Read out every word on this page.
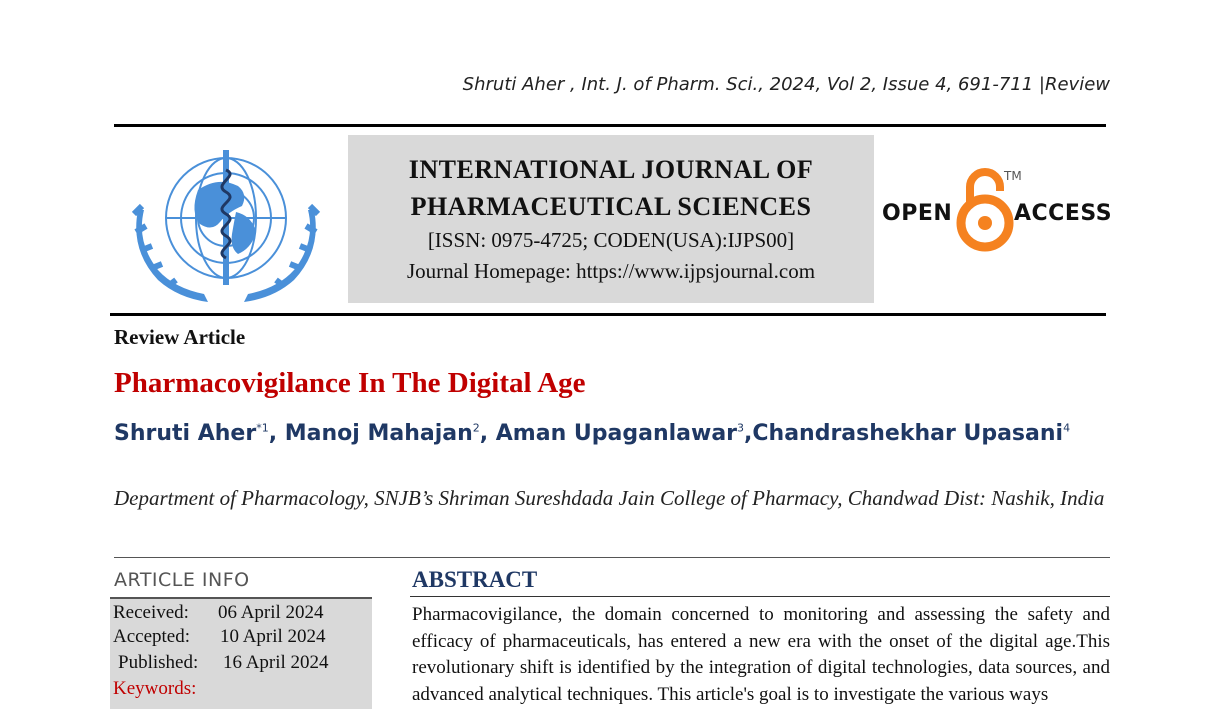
Shruti Aher , Int. J. of Pharm. Sci., 2024, Vol 2, Issue 4, 691-711 |Review
INTERNATIONAL JOURNAL OF
PHARMACEUTICAL SCIENCES
[ISSN: 0975-4725; CODEN(USA):IJPS00]
Journal Homepage: https://www.ijpsjournal.com
OPEN
TM
ACCESS
Review Article
Pharmacovigilance In The Digital Age
Shruti Aher$^{*1}$, Manoj Mahajan$^2$, Aman Upaganlawar$^3$,Chandrashekhar Upasani$^4$
Department of Pharmacology, SNJB’s Shriman Sureshdada Jain College of Pharmacy, Chandwad Dist: Nashik, India
ARTICLE INFO
Received: 06 April 2024
Accepted: 10 April 2024
Published: 16 April 2024
Keywords:
ABSTRACT
Pharmacovigilance, the domain concerned to monitoring and assessing the safety and efficacy of pharmaceuticals, has entered a new era with the onset of the digital age.This revolutionary shift is identified by the integration of digital technologies, data sources, and advanced analytical techniques. This article's goal is to investigate the various ways
